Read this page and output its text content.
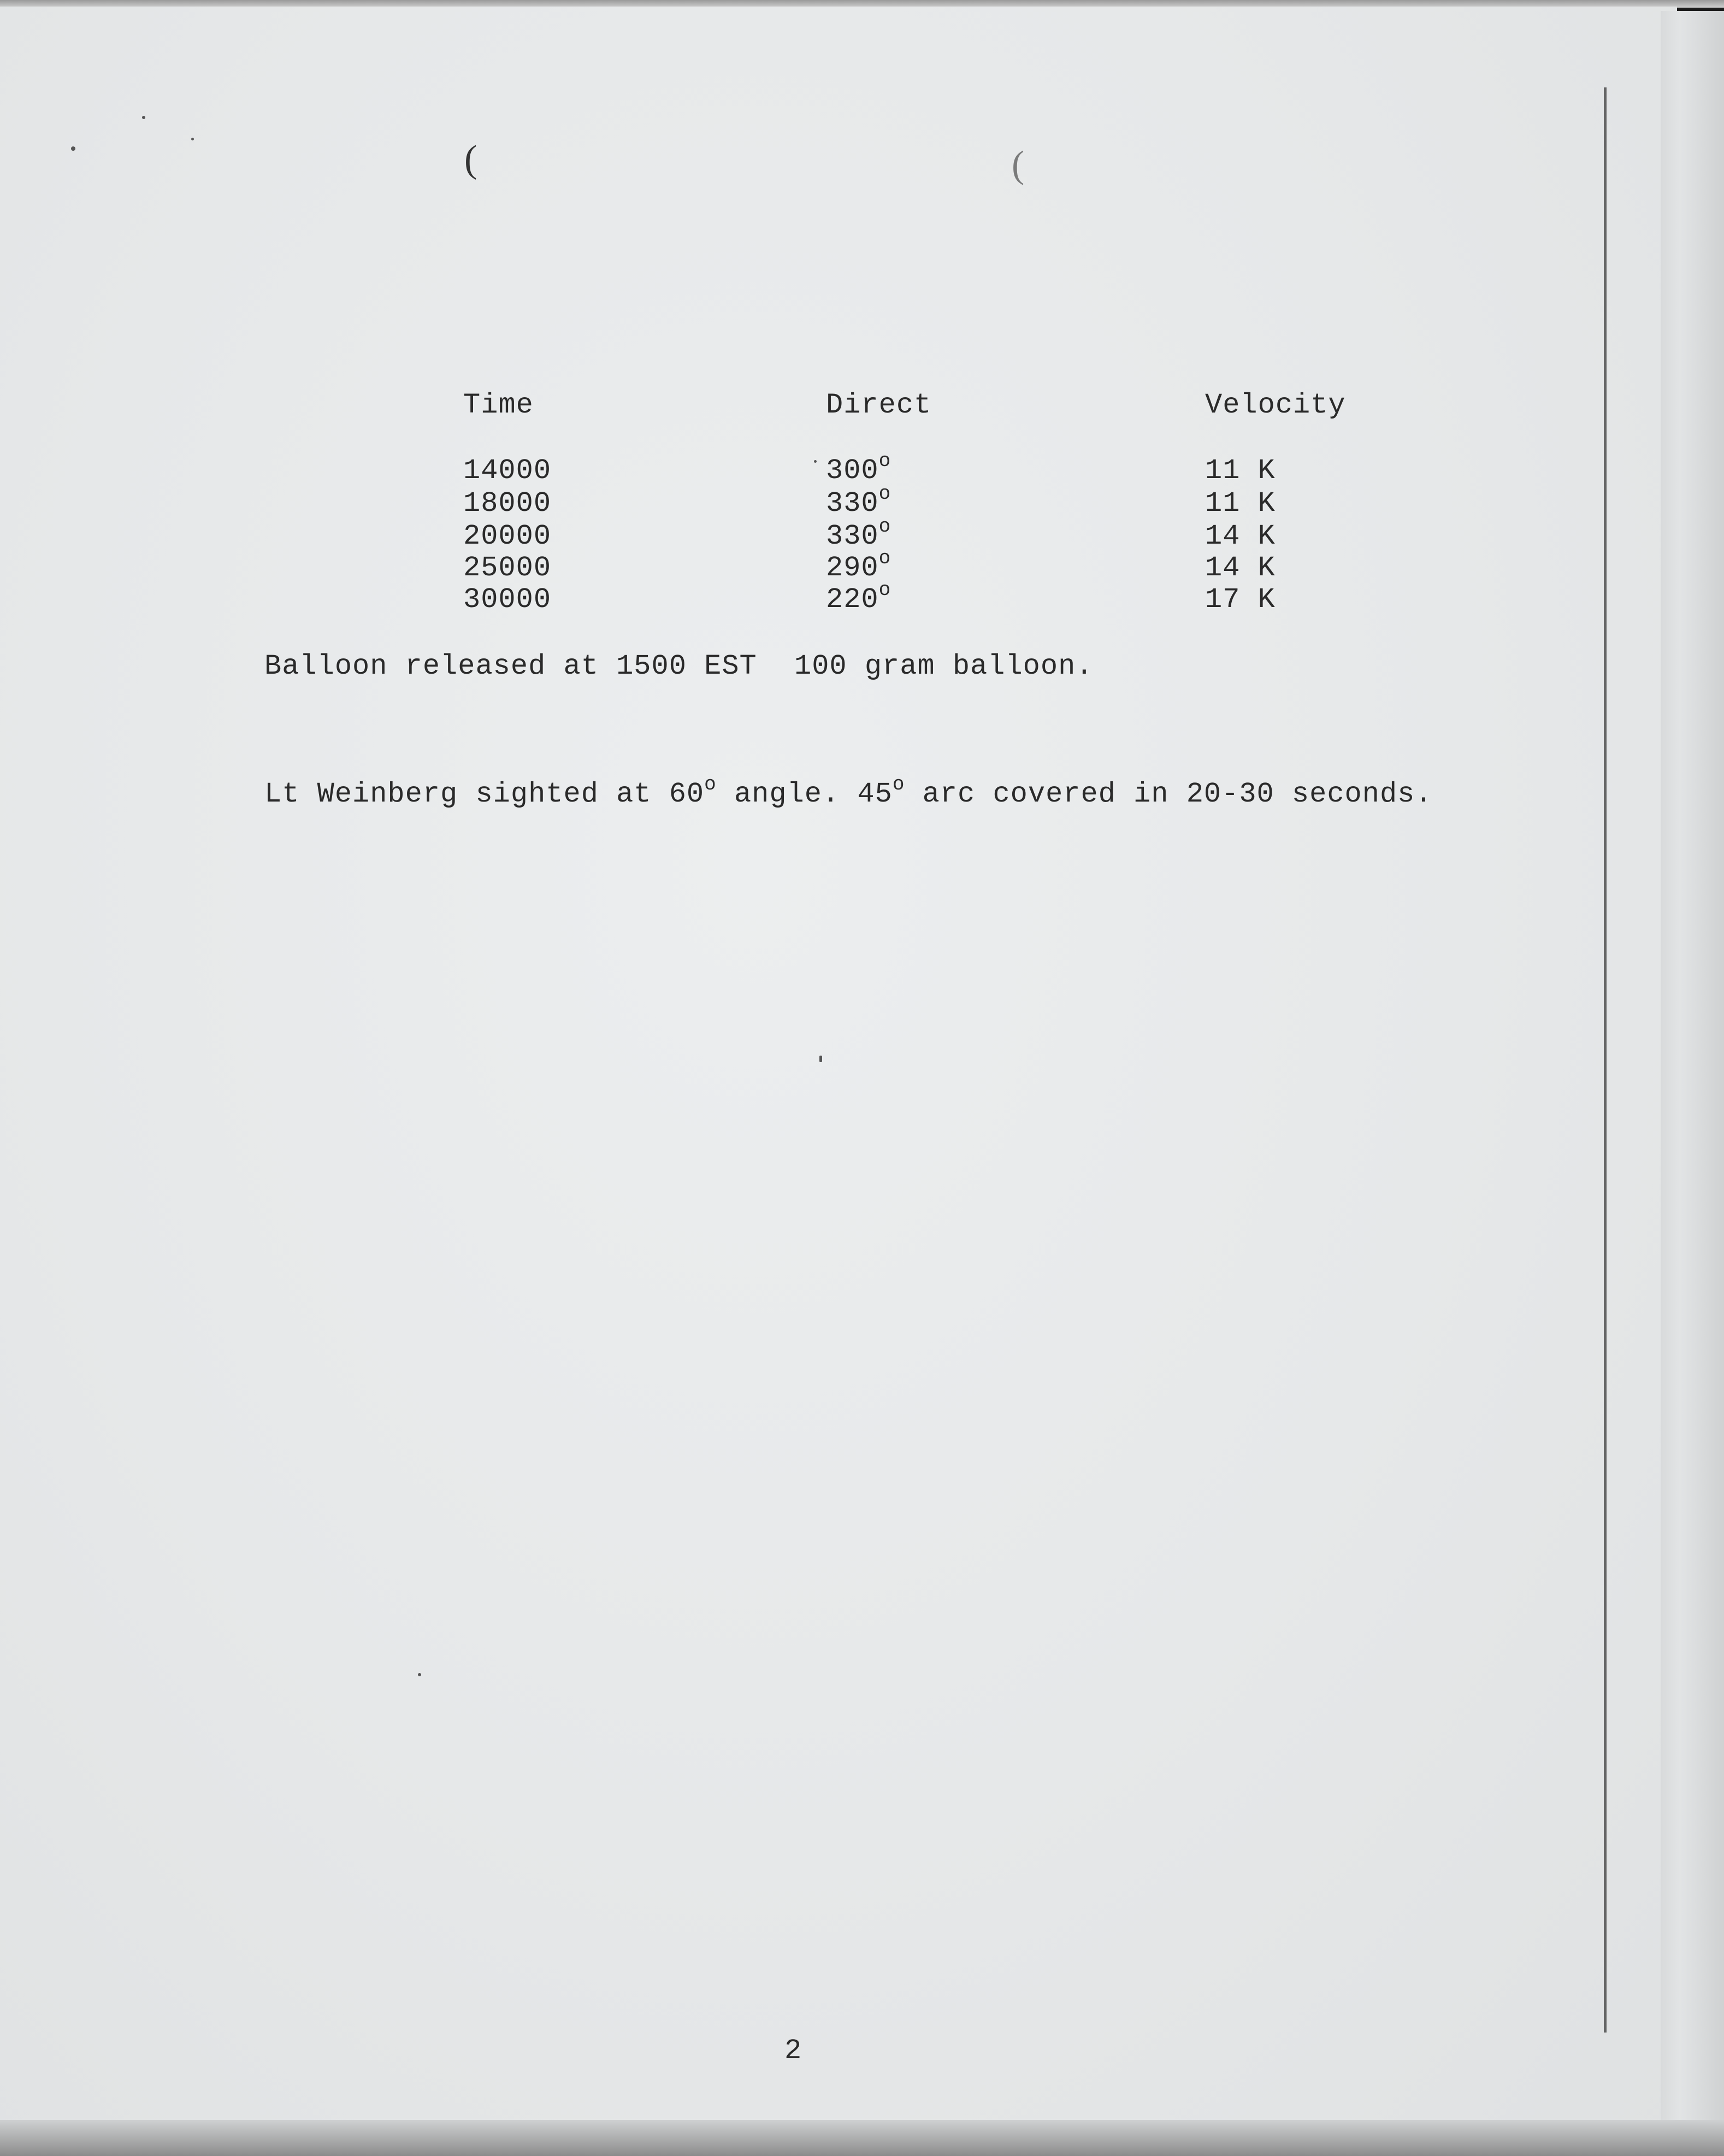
(	(
Time	Direct	Velocity
14000	300$^o$	11 K
18000	330$^o$	11 K
20000	330$^o$	14 K
25000	290$^o$	14 K
30000	220$^o$	17 K
Balloon released at 1500 EST 100 gram balloon.
Lt Weinberg sighted at 60$^o$ angle. 45$^o$ arc covered in 20-30 seconds.
2
